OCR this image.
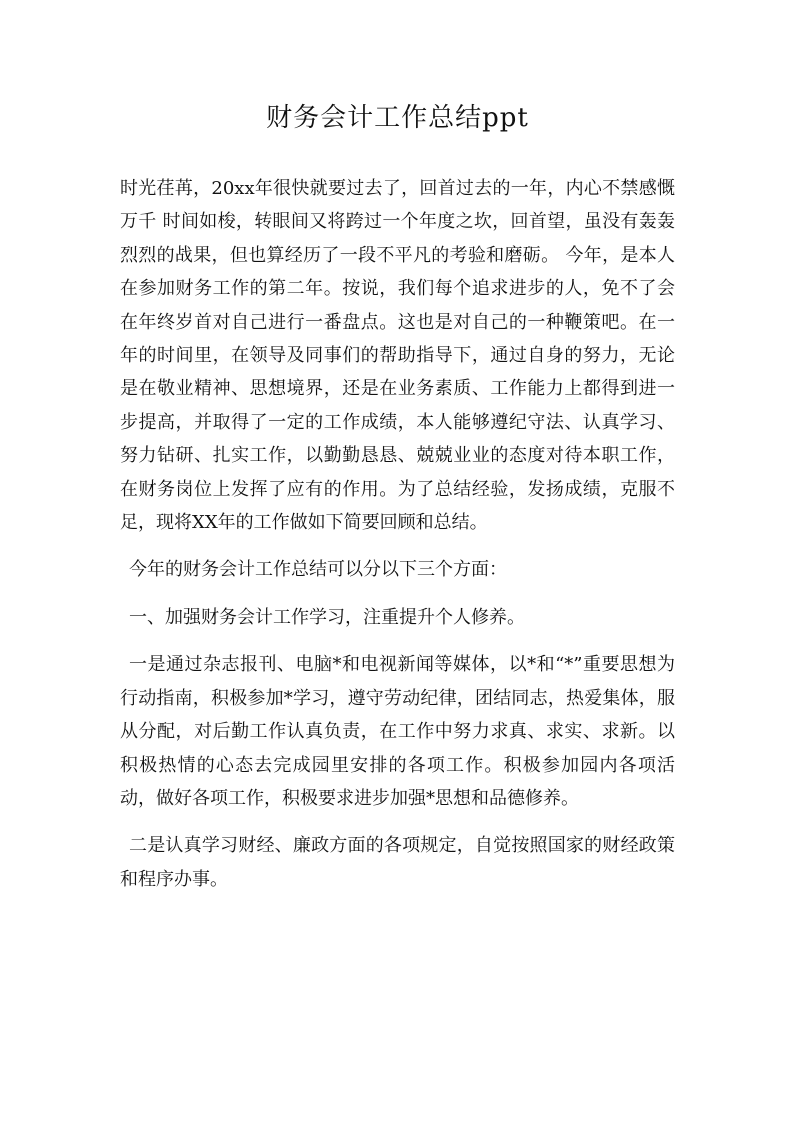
财务会计工作总结ppt

时光荏苒，20xx年很快就要过去了，回首过去的一年，内心不禁感慨万千 时间如梭，转眼间又将跨过一个年度之坎，回首望，虽没有轰轰烈烈的战果，但也算经历了一段不平凡的考验和磨砺。 今年，是本人在参加财务工作的第二年。按说，我们每个追求进步的人，免不了会在年终岁首对自己进行一番盘点。这也是对自己的一种鞭策吧。在一年的时间里，在领导及同事们的帮助指导下，通过自身的努力，无论是在敬业精神、思想境界，还是在业务素质、工作能力上都得到进一步提高，并取得了一定的工作成绩，本人能够遵纪守法、认真学习、努力钻研、扎实工作，以勤勤恳恳、兢兢业业的态度对待本职工作，在财务岗位上发挥了应有的作用。为了总结经验，发扬成绩，克服不足，现将XX年的工作做如下简要回顾和总结。

今年的财务会计工作总结可以分以下三个方面：

一、加强财务会计工作学习，注重提升个人修养。

一是通过杂志报刊、电脑*和电视新闻等媒体，以*和“*”重要思想为行动指南，积极参加*学习，遵守劳动纪律，团结同志，热爱集体，服从分配，对后勤工作认真负责，在工作中努力求真、求实、求新。以积极热情的心态去完成园里安排的各项工作。积极参加园内各项活动，做好各项工作，积极要求进步加强*思想和品德修养。

二是认真学习财经、廉政方面的各项规定，自觉按照国家的财经政策和程序办事。
